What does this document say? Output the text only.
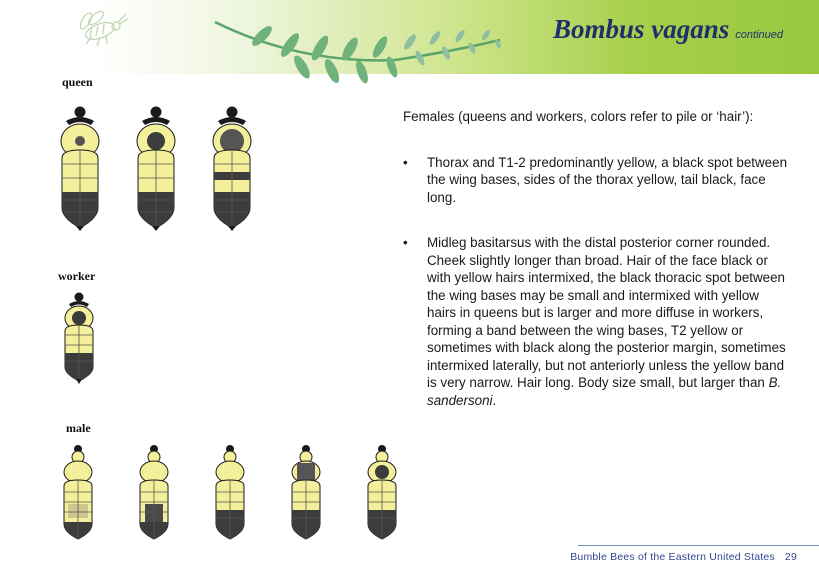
Bombus vagans continued
queen
worker
male

Females (queens and workers, colors refer to pile or ‘hair’):

• Thorax and T1-2 predominantly yellow, a black spot between the wing bases, sides of the thorax yellow, tail black, face long.
• Midleg basitarsus with the distal posterior corner rounded. Cheek slightly longer than broad. Hair of the face black or with yellow hairs intermixed, the black thoracic spot between the wing bases may be small and intermixed with yellow hairs in queens but is larger and more diffuse in workers, forming a band between the wing bases, T2 yellow or sometimes with black along the posterior margin, sometimes intermixed laterally, but not anteriorly unless the yellow band is very narrow. Hair long. Body size small, but larger than B. sandersoni.
Bumble Bees of the Eastern United States 29
